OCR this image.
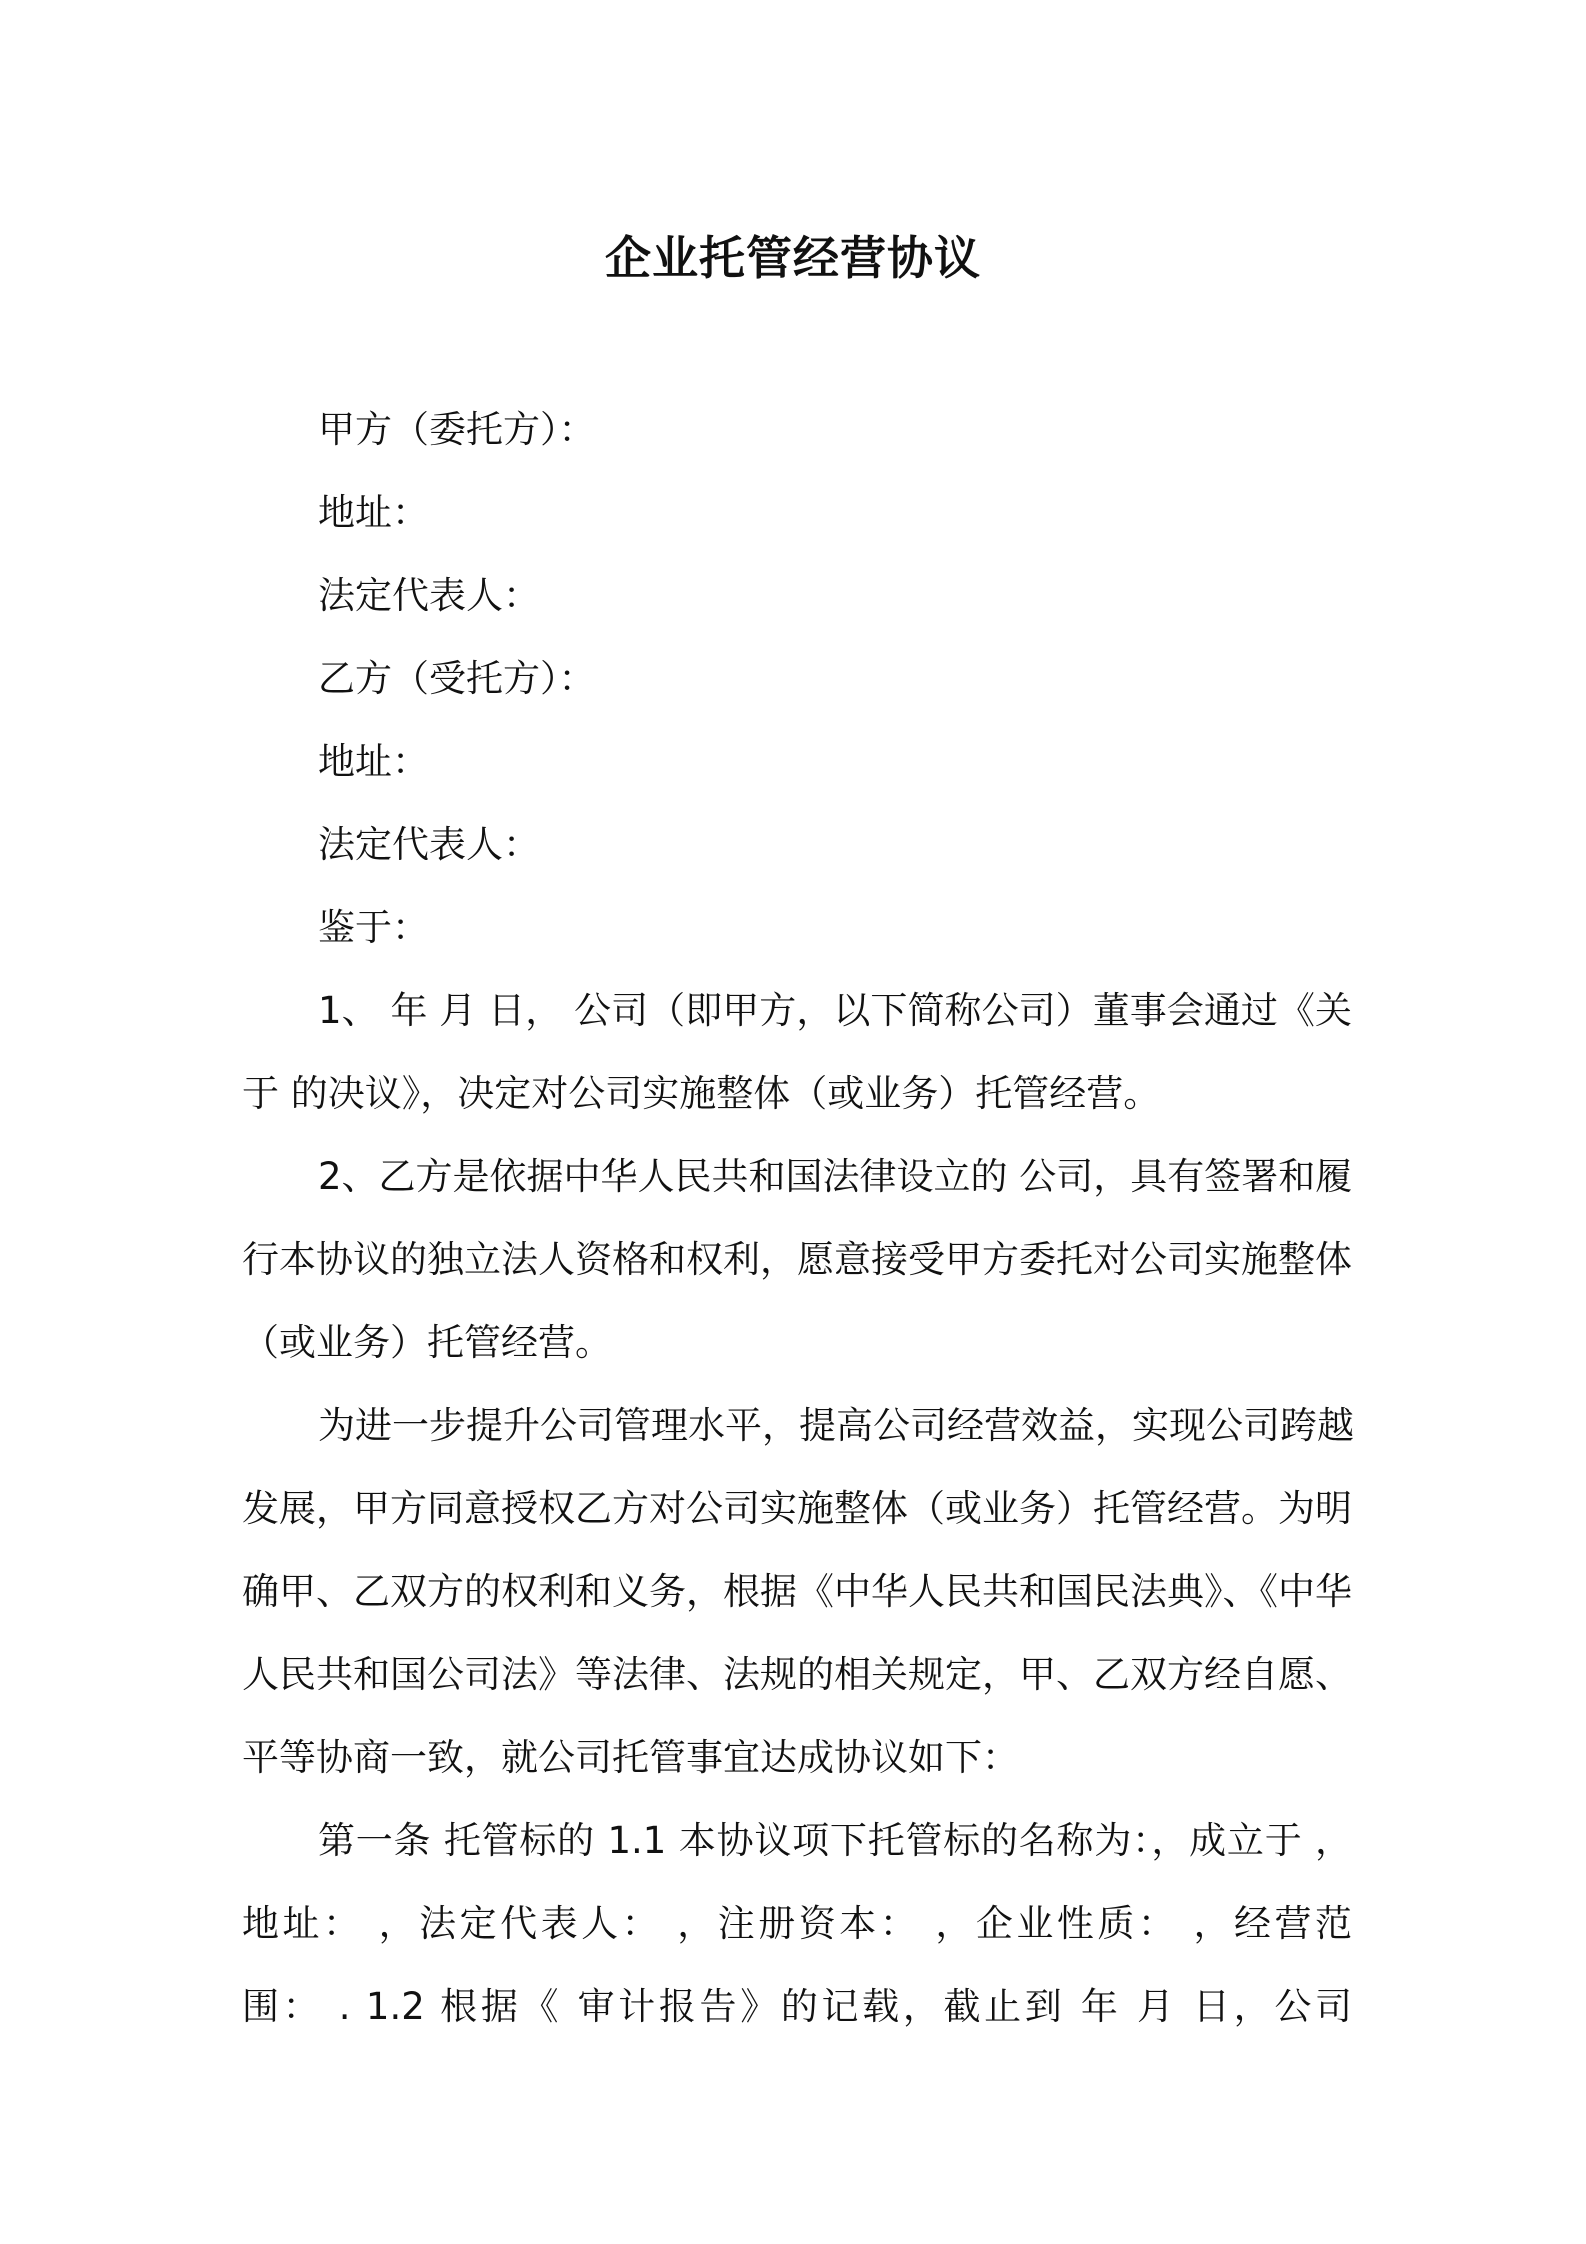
企业托管经营协议
甲方（委托方）：
地址：
法定代表人：
乙方（受托方）：
地址：
法定代表人：
鉴于：
1、 年 月 日， 公司（即甲方，以下简称公司）董事会通过《关
于 的决议》，决定对公司实施整体（或业务）托管经营。
2、乙方是依据中华人民共和国法律设立的 公司，具有签署和履
行本协议的独立法人资格和权利，愿意接受甲方委托对公司实施整体
（或业务）托管经营。
为进一步提升公司管理水平，提高公司经营效益，实现公司跨越
发展，甲方同意授权乙方对公司实施整体（或业务）托管经营。为明
确甲、乙双方的权利和义务，根据《中华人民共和国民法典》、《中华
人民共和国公司法》等法律、法规的相关规定，甲、乙双方经自愿、
平等协商一致，就公司托管事宜达成协议如下：
第一条 托管标的 1.1 本协议项下托管标的名称为：，成立于 ，
地址： ，法定代表人： ，注册资本： ，企业性质： ，经营范
围： . 1.2 根据《 审计报告》的记载，截止到 年 月 日，公司
